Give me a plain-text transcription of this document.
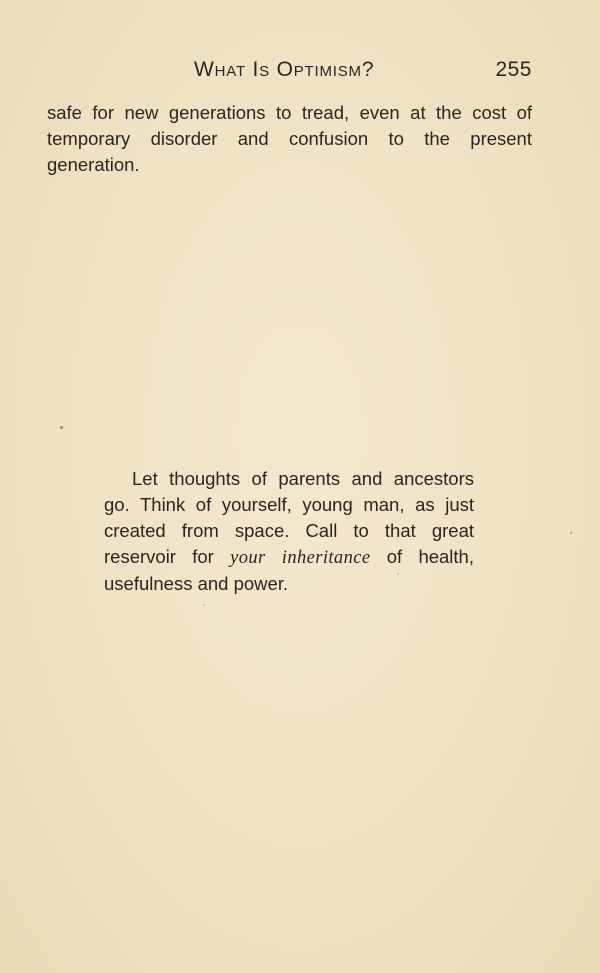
What Is Optimism?	255
safe for new generations to tread, even at the cost of
temporary disorder and confusion to the present
generation.
Let thoughts of parents and ancestors
go. Think of yourself, young man, as just
created from space. Call to that great
reservoir for your inheritance of health,
usefulness and power.
